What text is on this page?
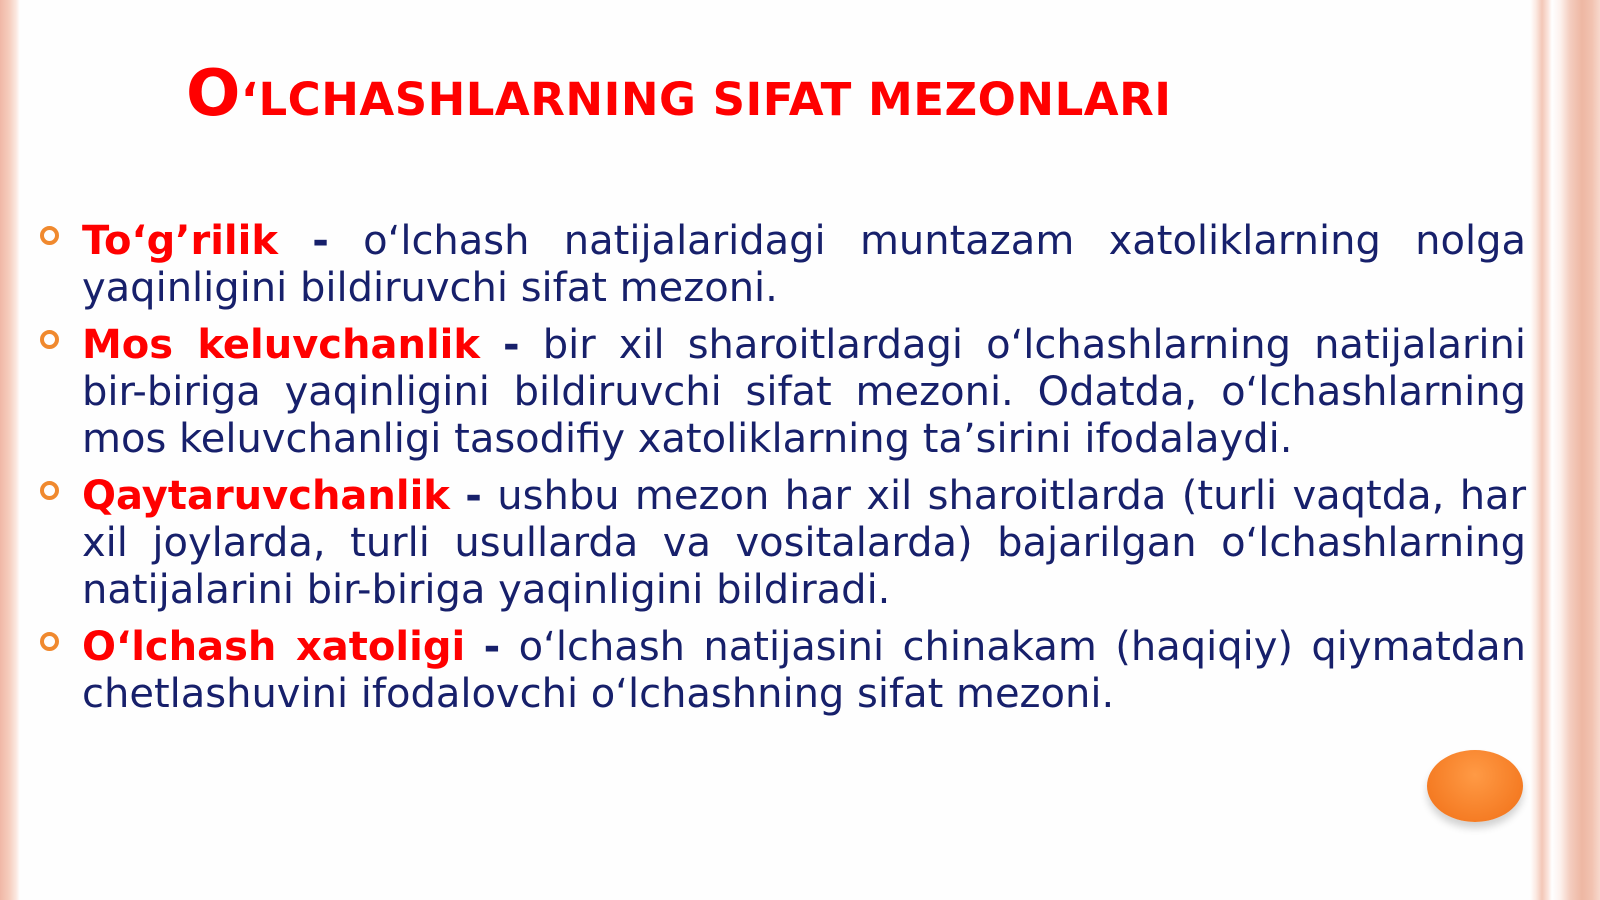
O‘LCHASHLARNING SIFAT MEZONLARI
To‘g’rilik - o‘lchash natijalaridagi muntazam xatoliklarning nolga yaqinligini bildiruvchi sifat mezoni.
Mos keluvchanlik - bir xil sharoitlardagi o‘lchashlarning natijalarini bir-biriga yaqinligini bildiruvchi sifat mezoni. Odatda, o‘lchashlarning mos keluvchanligi tasodifiy xatoliklarning ta’sirini ifodalaydi.
Qaytaruvchanlik - ushbu mezon har xil sharoitlarda (turli vaqtda, har xil joylarda, turli usullarda va vositalarda) bajarilgan o‘lchashlarning natijalarini bir-biriga yaqinligini bildiradi.
O‘lchash xatoligi - o‘lchash natijasini chinakam (haqiqiy) qiymatdan chetlashuvini ifodalovchi o‘lchashning sifat mezoni.
